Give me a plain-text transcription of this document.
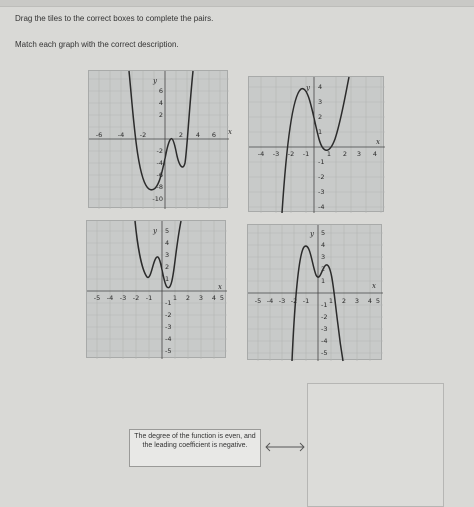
Drag the tiles to the correct boxes to complete the pairs.
Match each graph with the correct description.
x
y
-6 -4 -2	2 4 6
6
4
2
-2
-4
-6
-8
-10
x
y
-4 -3 -2 -1	1 2 3 4
4
3
2
1
-1
-2
-3
-4
x
y
-5 -4 -3 -2 -1	1 2 3 4 5
5
4
3
2
1
-1
-2
-3
-4
-5
x
y
-5 -4 -3 -2 -1	1 2 3 4 5
5
4
3
2
1
-1
-2
-3
-4
-5
The degree of the function is even, and the leading coefficient is negative.
